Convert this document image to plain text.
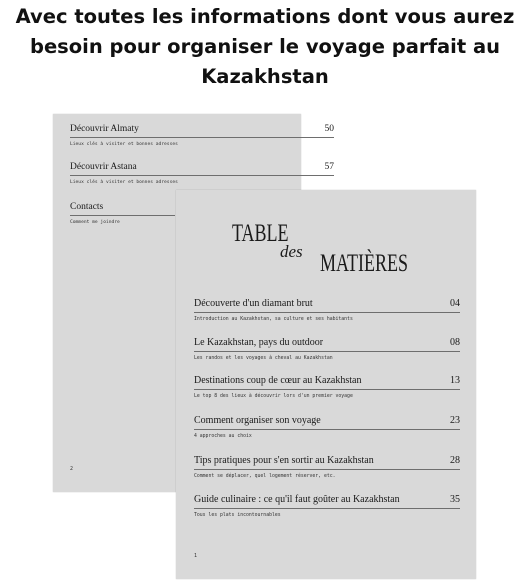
Avec toutes les informations dont vous aurez
besoin pour organiser le voyage parfait au
Kazakhstan
Découvrir Almaty	50
Lieux clés à visiter et bonnes adresses
Découvrir Astana	57
Lieux clés à visiter et bonnes adresses
Contacts
Comment me joindre
2
TABLE
des MATIÈRES
Découverte d'un diamant brut	04
Introduction au Kazakhstan, sa culture et ses habitants
Le Kazakhstan, pays du outdoor	08
Les randos et les voyages à cheval au Kazakhstan
Destinations coup de cœur au Kazakhstan	13
Le top 8 des lieux à découvrir lors d'un premier voyage
Comment organiser son voyage	23
4 approches au choix
Tips pratiques pour s'en sortir au Kazakhstan	28
Comment se déplacer, quel logement réserver, etc.
Guide culinaire : ce qu'il faut goûter au Kazakhstan	35
Tous les plats incontournables
1
